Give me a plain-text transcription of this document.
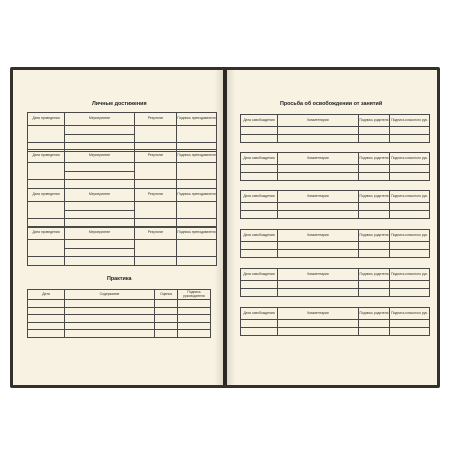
Личные достижения
Дата проведения	Мероприятие	Результат	Подпись преподавателя

Дата проведения	Мероприятие	Результат	Подпись преподавателя

Дата проведения	Мероприятие	Результат	Подпись преподавателя

Дата проведения	Мероприятие	Результат	Подпись преподавателя

Практика
Дата	Содержание	Оценка	Подпись руководителя

Просьба об освобождении от занятий
Дата освобождения	Комментарии	Подпись родителя	Подпись классного рук.

Дата освобождения	Комментарии	Подпись родителя	Подпись классного рук.

Дата освобождения	Комментарии	Подпись родителя	Подпись классного рук.

Дата освобождения	Комментарии	Подпись родителя	Подпись классного рук.

Дата освобождения	Комментарии	Подпись родителя	Подпись классного рук.

Дата освобождения	Комментарии	Подпись родителя	Подпись классного рук.
